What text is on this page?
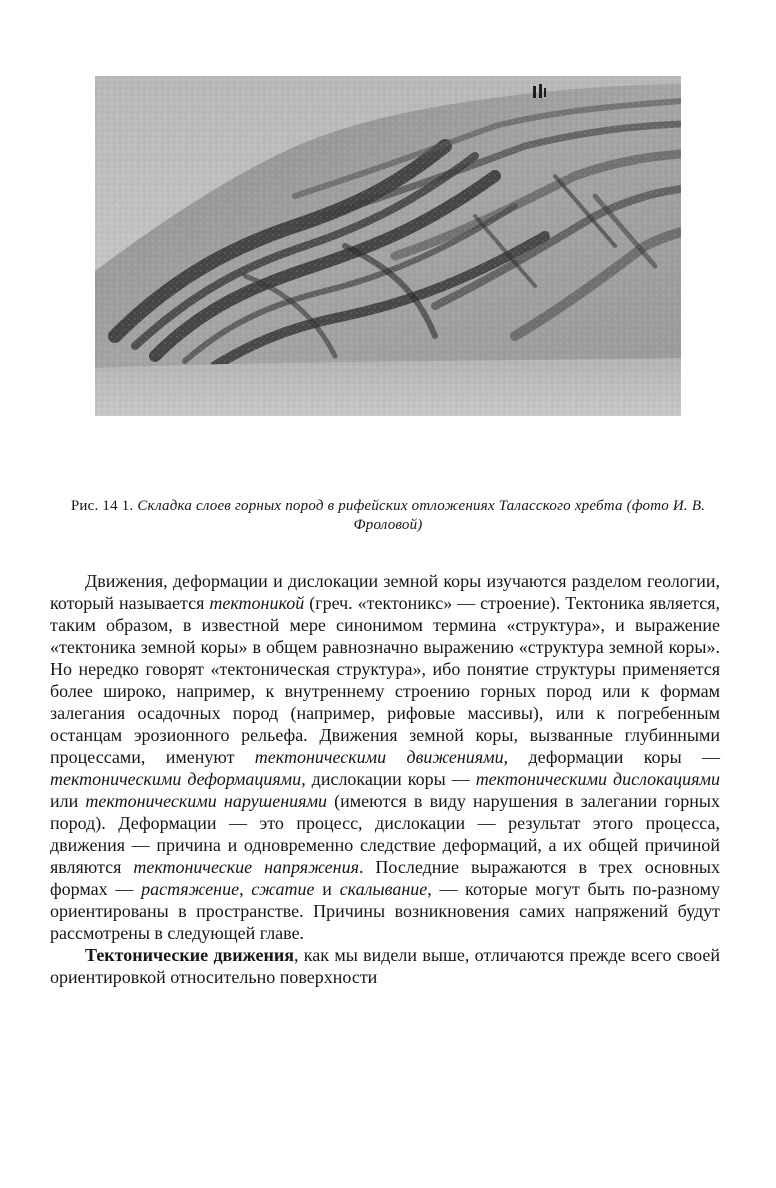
Рис. 14 1. Складка слоев горных пород в рифейских отложениях Таласского хребта (фото И. В. Фроловой)

Движения, деформации и дислокации земной коры изучаются разделом геологии, который называется тектоникой (греч. «тектоникс» — строение). Тектоника является, таким образом, в известной мере синонимом термина «структура», и выражение «тектоника земной коры» в общем равнозначно выражению «структура земной коры». Но нередко говорят «тектоническая структура», ибо понятие структуры применяется более широко, например, к внутреннему строению горных пород или к формам залегания осадочных пород (например, рифовые массивы), или к погребенным останцам эрозионного рельефа. Движения земной коры, вызванные глубинными процессами, именуют тектоническими движениями, деформации коры — тектоническими деформациями, дислокации коры — тектоническими дислокациями или тектоническими нарушениями (имеются в виду нарушения в залегании горных пород). Деформации — это процесс, дислокации — результат этого процесса, движения — причина и одновременно следствие деформаций, а их общей причиной являются тектонические напряжения. Последние выражаются в трех основных формах — растяжение, сжатие и скалывание, — которые могут быть по-разному ориентированы в пространстве. Причины возникновения самих напряжений будут рассмотрены в следующей главе.

Тектонические движения, как мы видели выше, отличаются прежде всего своей ориентировкой относительно поверхности
